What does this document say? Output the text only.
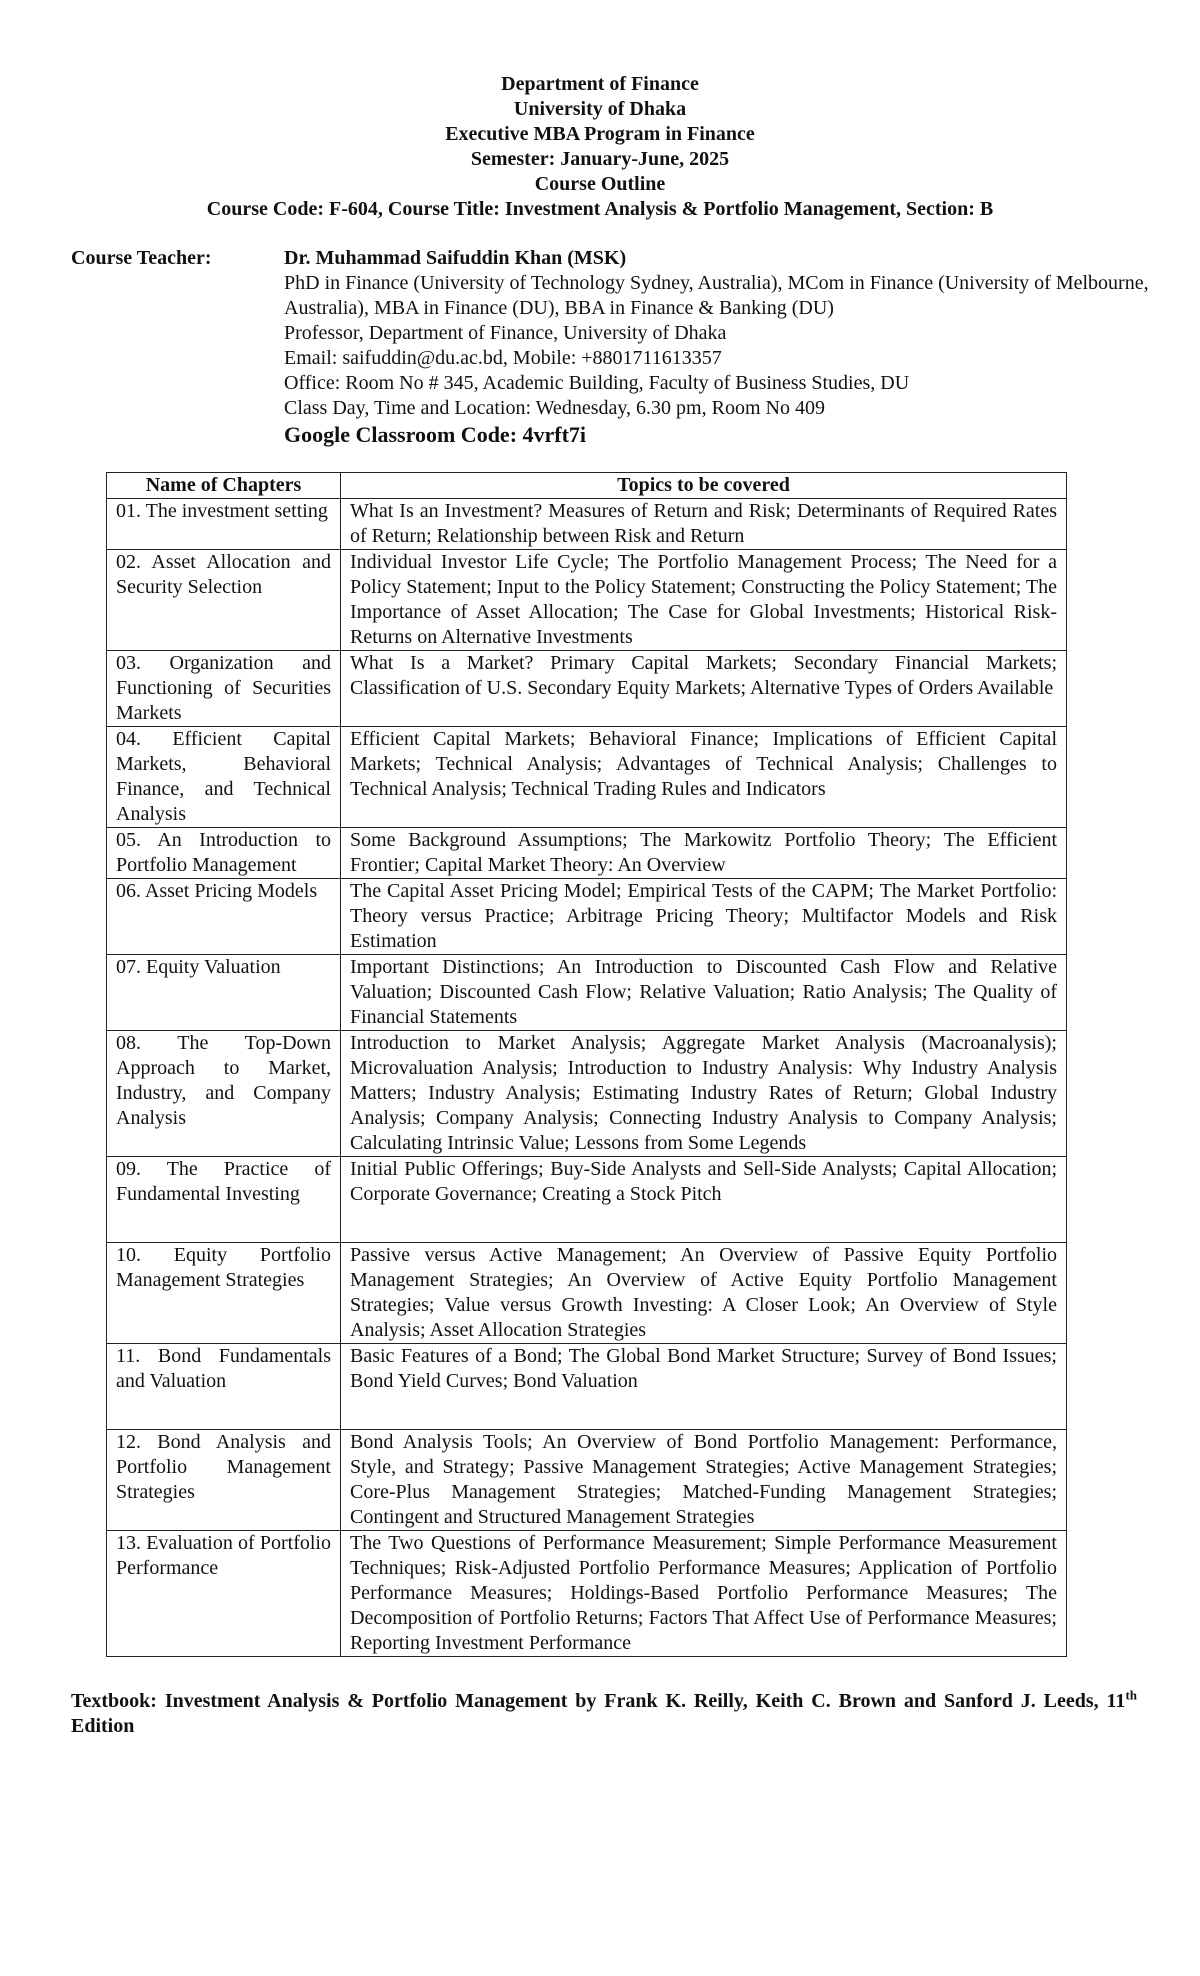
Department of Finance
University of Dhaka
Executive MBA Program in Finance
Semester: January-June, 2025
Course Outline
Course Code: F-604, Course Title: Investment Analysis & Portfolio Management, Section: B
Course Teacher:	Dr. Muhammad Saifuddin Khan (MSK)
PhD in Finance (University of Technology Sydney, Australia), MCom in Finance (University of Melbourne, Australia), MBA in Finance (DU), BBA in Finance & Banking (DU)
Professor, Department of Finance, University of Dhaka
Email: saifuddin@du.ac.bd, Mobile: +8801711613357
Office: Room No # 345, Academic Building, Faculty of Business Studies, DU
Class Day, Time and Location: Wednesday, 6.30 pm, Room No 409
Google Classroom Code: 4vrft7i
Name of Chapters	Topics to be covered
01. The investment setting	What Is an Investment? Measures of Return and Risk; Determinants of Required Rates of Return; Relationship between Risk and Return
02. Asset Allocation and Security Selection	Individual Investor Life Cycle; The Portfolio Management Process; The Need for a Policy Statement; Input to the Policy Statement; Constructing the Policy Statement; The Importance of Asset Allocation; The Case for Global Investments; Historical Risk-Returns on Alternative Investments
03. Organization and Functioning of Securities Markets	What Is a Market? Primary Capital Markets; Secondary Financial Markets; Classification of U.S. Secondary Equity Markets; Alternative Types of Orders Available
04. Efficient Capital Markets, Behavioral Finance, and Technical Analysis	Efficient Capital Markets; Behavioral Finance; Implications of Efficient Capital Markets; Technical Analysis; Advantages of Technical Analysis; Challenges to Technical Analysis; Technical Trading Rules and Indicators
05. An Introduction to Portfolio Management	Some Background Assumptions; The Markowitz Portfolio Theory; The Efficient Frontier; Capital Market Theory: An Overview
06. Asset Pricing Models	The Capital Asset Pricing Model; Empirical Tests of the CAPM; The Market Portfolio: Theory versus Practice; Arbitrage Pricing Theory; Multifactor Models and Risk Estimation
07. Equity Valuation	Important Distinctions; An Introduction to Discounted Cash Flow and Relative Valuation; Discounted Cash Flow; Relative Valuation; Ratio Analysis; The Quality of Financial Statements
08. The Top-Down Approach to Market, Industry, and Company Analysis	Introduction to Market Analysis; Aggregate Market Analysis (Macroanalysis); Microvaluation Analysis; Introduction to Industry Analysis: Why Industry Analysis Matters; Industry Analysis; Estimating Industry Rates of Return; Global Industry Analysis; Company Analysis; Connecting Industry Analysis to Company Analysis; Calculating Intrinsic Value; Lessons from Some Legends
09. The Practice of Fundamental Investing	Initial Public Offerings; Buy-Side Analysts and Sell-Side Analysts; Capital Allocation; Corporate Governance; Creating a Stock Pitch
10. Equity Portfolio Management Strategies	Passive versus Active Management; An Overview of Passive Equity Portfolio Management Strategies; An Overview of Active Equity Portfolio Management Strategies; Value versus Growth Investing: A Closer Look; An Overview of Style Analysis; Asset Allocation Strategies
11. Bond Fundamentals and Valuation	Basic Features of a Bond; The Global Bond Market Structure; Survey of Bond Issues; Bond Yield Curves; Bond Valuation
12. Bond Analysis and Portfolio Management Strategies	Bond Analysis Tools; An Overview of Bond Portfolio Management: Performance, Style, and Strategy; Passive Management Strategies; Active Management Strategies; Core-Plus Management Strategies; Matched-Funding Management Strategies; Contingent and Structured Management Strategies
13. Evaluation of Portfolio Performance	The Two Questions of Performance Measurement; Simple Performance Measurement Techniques; Risk-Adjusted Portfolio Performance Measures; Application of Portfolio Performance Measures; Holdings-Based Portfolio Performance Measures; The Decomposition of Portfolio Returns; Factors That Affect Use of Performance Measures; Reporting Investment Performance
Textbook: Investment Analysis & Portfolio Management by Frank K. Reilly, Keith C. Brown and Sanford J. Leeds, 11th Edition
